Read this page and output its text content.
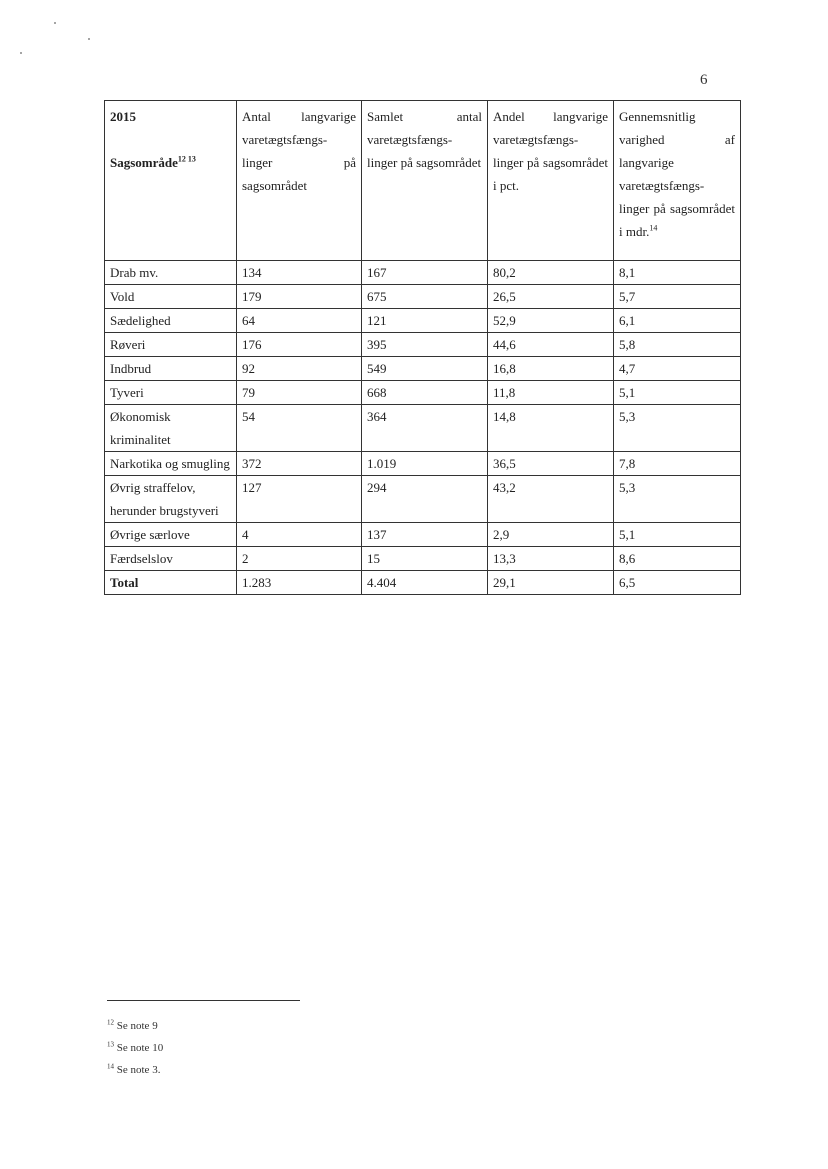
6
2015
Sagsområde$^{12 13}$	Antal langvarige varetægtsfængs- linger på sagsområdet	Samlet antal varetægtsfængs- linger på sagsområdet	Andel langvarige varetægtsfængs- linger på sagsområdet i pct.	Gennemsnitlig varighed af langvarige varetægtsfængs- linger på sagsområdet i mdr.$^{14}$

Drab mv.	134	167	80,2	8,1
Vold	179	675	26,5	5,7
Sædelighed	64	121	52,9	6,1
Røveri	176	395	44,6	5,8
Indbrud	92	549	16,8	4,7
Tyveri	79	668	11,8	5,1
Økonomisk kriminalitet	54	364	14,8	5,3
Narkotika og smugling	372	1.019	36,5	7,8
Øvrig straffelov, herunder brugstyveri	127	294	43,2	5,3
Øvrige særlove	4	137	2,9	5,1
Færdselslov	2	15	13,3	8,6
Total	1.283	4.404	29,1	6,5
$^{12}$ Se note 9
$^{13}$ Se note 10
$^{14}$ Se note 3.
